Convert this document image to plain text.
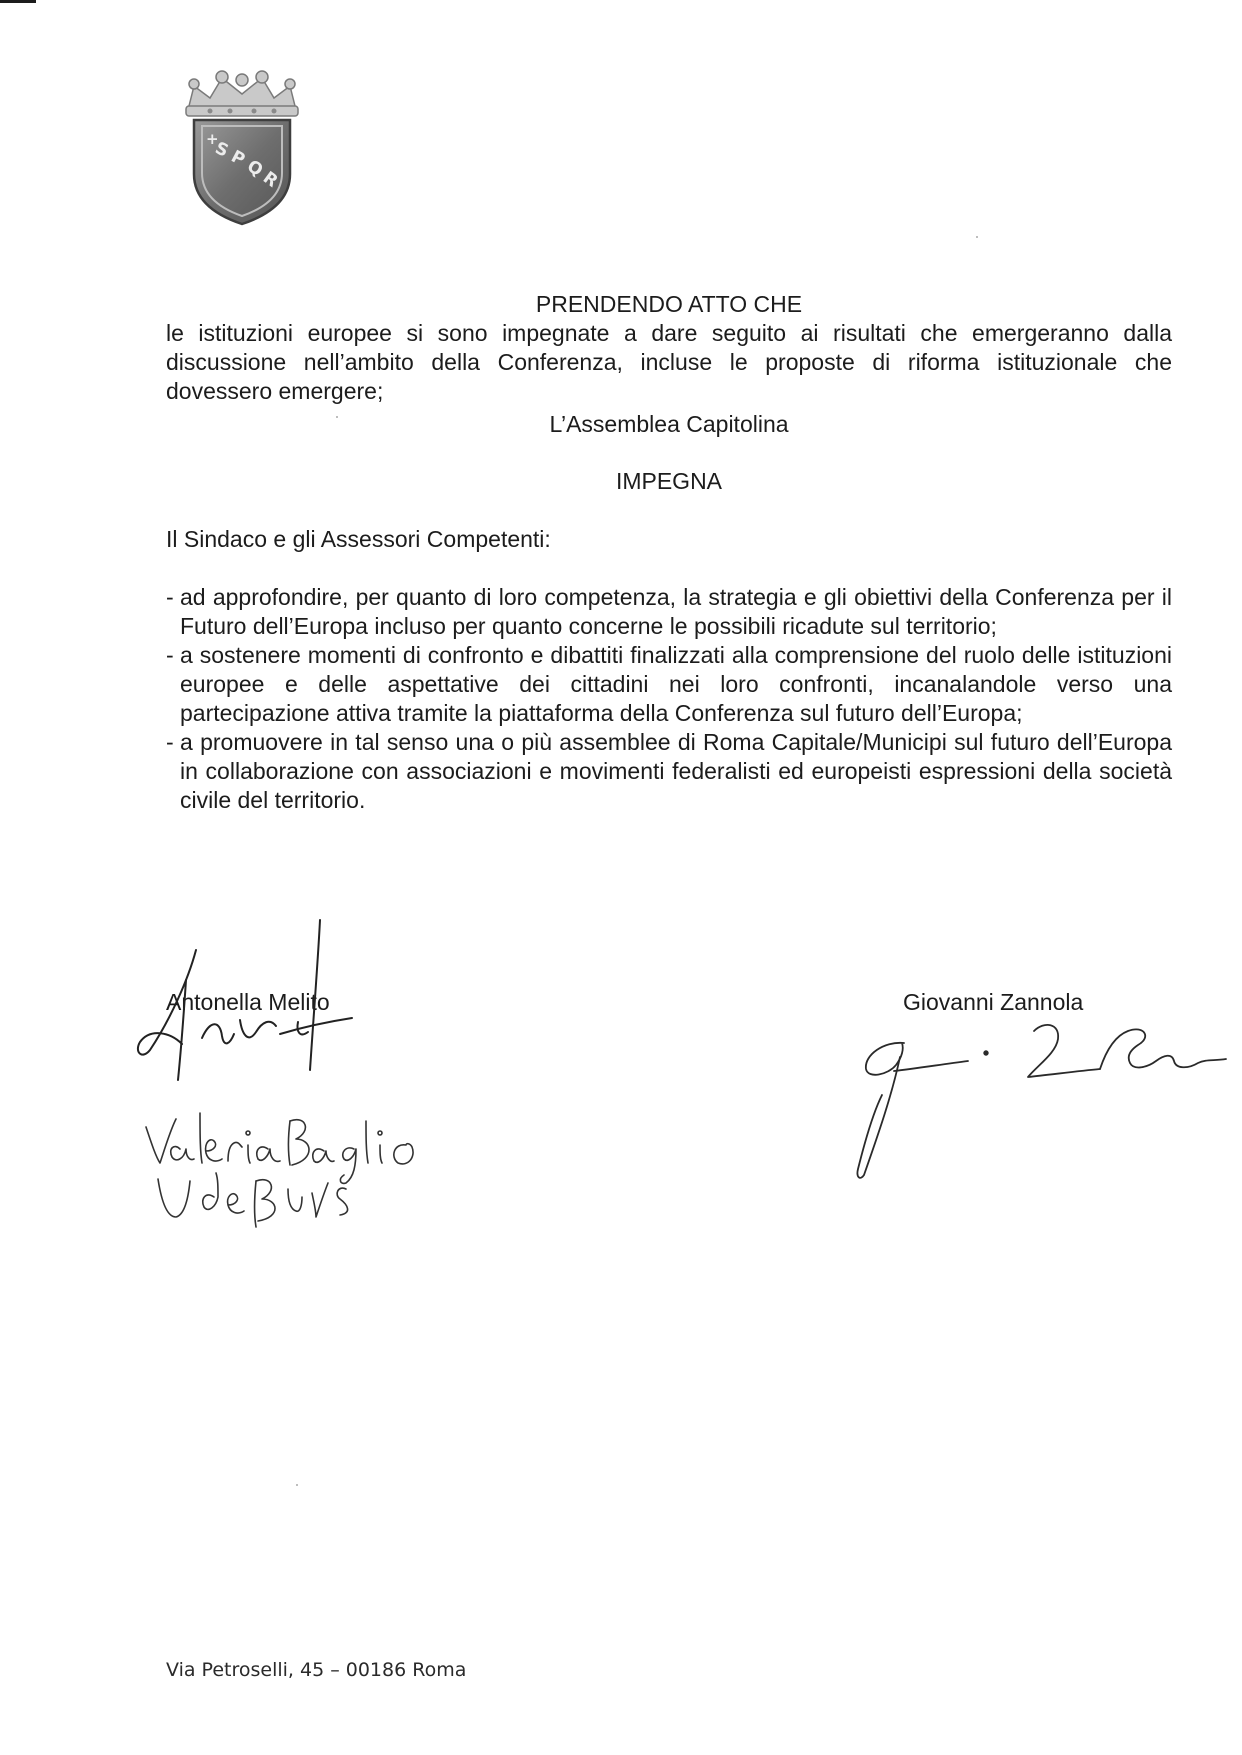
+
S
P
Q
R
PRENDENDO ATTO CHE
le istituzioni europee si sono impegnate a dare seguito ai risultati che emergeranno dalla discussione nell’ambito della Conferenza, incluse le proposte di riforma istituzionale che dovessero emergere;
L’Assemblea Capitolina
IMPEGNA
Il Sindaco e gli Assessori Competenti:
- ad approfondire, per quanto di loro competenza, la strategia e gli obiettivi della Conferenza per il Futuro dell’Europa incluso per quanto concerne le possibili ricadute sul territorio;
- a sostenere momenti di confronto e dibattiti finalizzati alla comprensione del ruolo delle istituzioni europee e delle aspettative dei cittadini nei loro confronti, incanalandole verso una partecipazione attiva tramite la piattaforma della Conferenza sul futuro dell’Europa;
- a promuovere in tal senso una o più assemblee di Roma Capitale/Municipi sul futuro dell’Europa in collaborazione con associazioni e movimenti federalisti ed europeisti espressioni della società civile del territorio.
Antonella Melito	Giovanni Zannola
Via Petroselli, 45 – 00186 Roma
